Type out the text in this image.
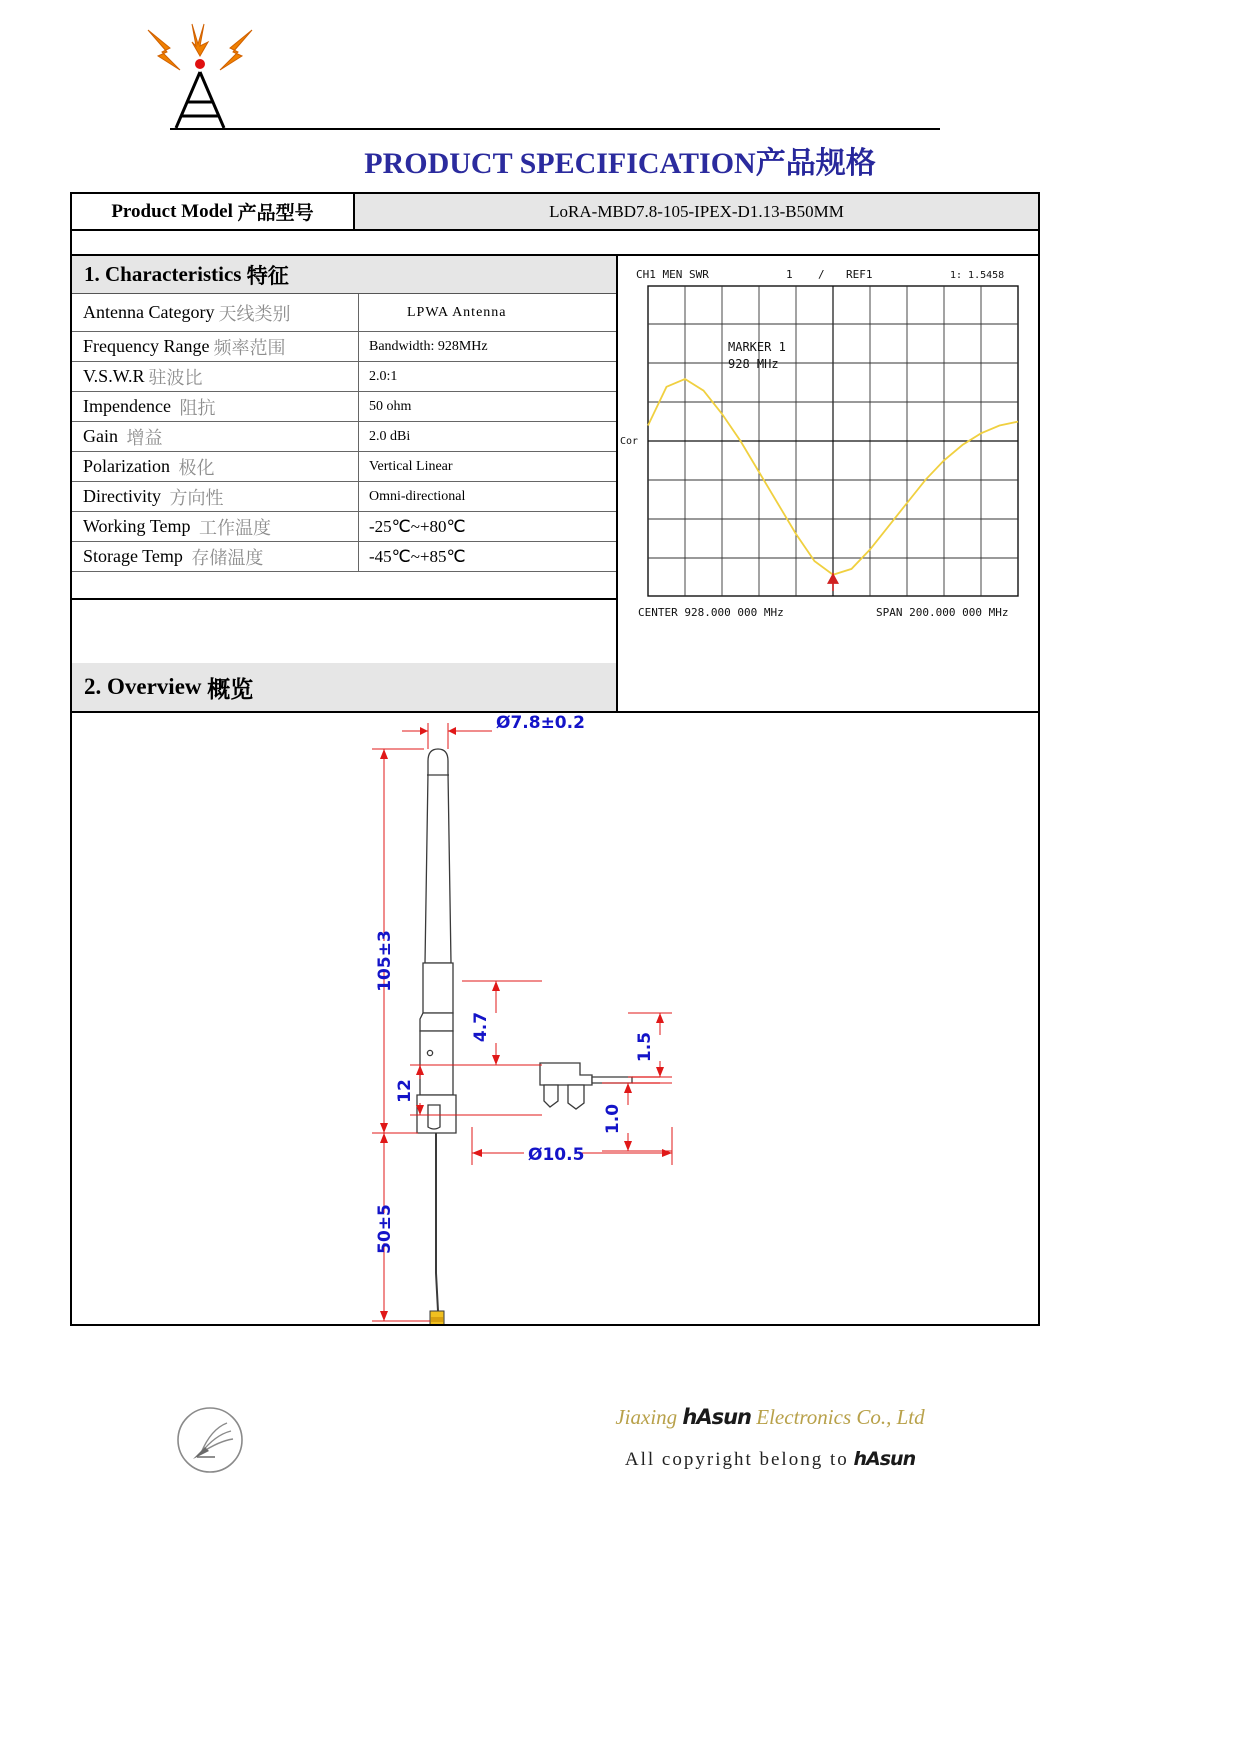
PRODUCT SPECIFICATION产品规格
Product Model
产品型号	LoRA-MBD7.8-105-IPEX-D1.13-B50MM
1.
Characteristics
特征
Antenna Category 天线类别	LPWA Antenna
Frequency Range 频率范围	Bandwidth: 928MHz
V.S.W.R 驻波比	2.0:1
Impendence
阻抗	50 ohm
Gain
增益	2.0 dBi
Polarization
极化	Vertical Linear
Directivity
方向性	Omni-directional
Working Temp
工作温度	-25℃~+80℃
Storage Temp
存储温度	-45℃~+85℃
2.
Overview
概览
CH1 MEN SWR	1 / REF1	1: 1.5458
Cor
MARKER 1
928 MHz
CENTER 928.000 000 MHz	SPAN 200.000 000 MHz
Ø7.8±0.2
105±3
50±5
4.7
12
1.5
1.0
Ø10.5
Jiaxing hAsun Electronics Co., Ltd
All copyright belong to hAsun
